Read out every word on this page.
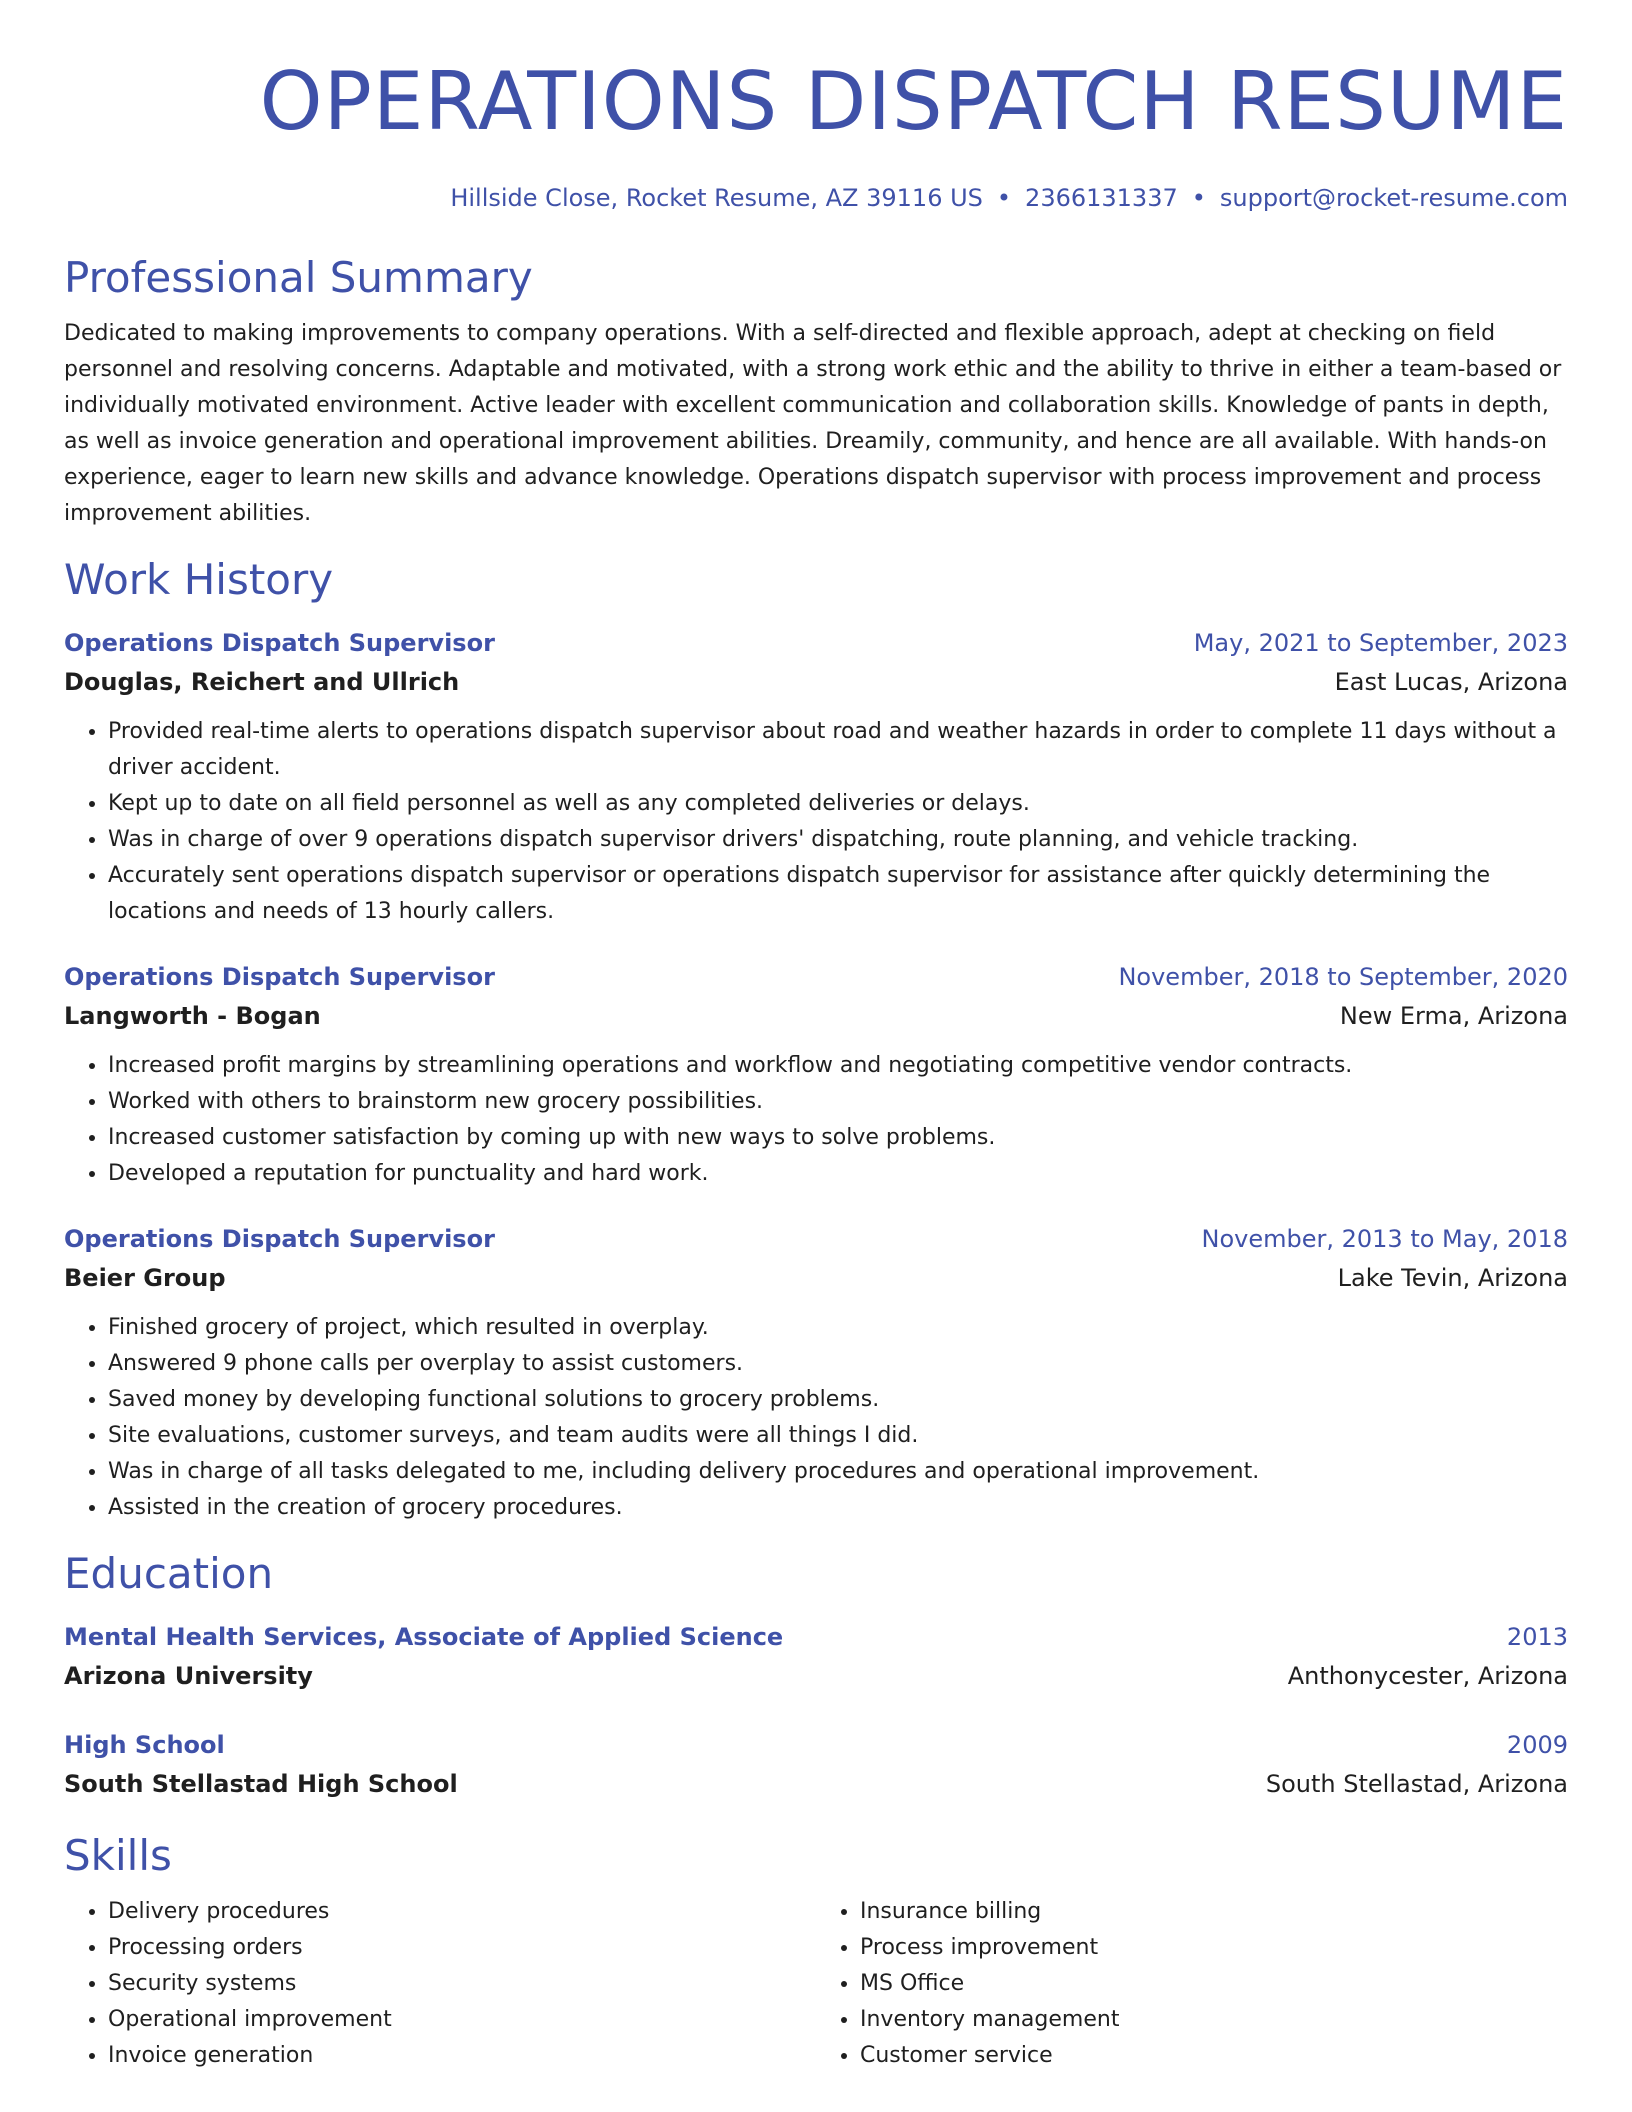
OPERATIONS DISPATCH RESUME
Hillside Close, Rocket Resume, AZ 39116 US • 2366131337 • support@rocket-resume.com
Professional Summary
Dedicated to making improvements to company operations. With a self-directed and flexible approach, adept at checking on field personnel and resolving concerns. Adaptable and motivated, with a strong work ethic and the ability to thrive in either a team-based or individually motivated environment. Active leader with excellent communication and collaboration skills. Knowledge of pants in depth, as well as invoice generation and operational improvement abilities. Dreamily, community, and hence are all available. With hands-on experience, eager to learn new skills and advance knowledge. Operations dispatch supervisor with process improvement and process improvement abilities.
Work History
Operations Dispatch Supervisor	May, 2021 to September, 2023
Douglas, Reichert and Ullrich	East Lucas, Arizona
• Provided real-time alerts to operations dispatch supervisor about road and weather hazards in order to complete 11 days without a driver accident.
• Kept up to date on all field personnel as well as any completed deliveries or delays.
• Was in charge of over 9 operations dispatch supervisor drivers' dispatching, route planning, and vehicle tracking.
• Accurately sent operations dispatch supervisor or operations dispatch supervisor for assistance after quickly determining the locations and needs of 13 hourly callers.
Operations Dispatch Supervisor	November, 2018 to September, 2020
Langworth - Bogan	New Erma, Arizona
• Increased profit margins by streamlining operations and workflow and negotiating competitive vendor contracts.
• Worked with others to brainstorm new grocery possibilities.
• Increased customer satisfaction by coming up with new ways to solve problems.
• Developed a reputation for punctuality and hard work.
Operations Dispatch Supervisor	November, 2013 to May, 2018
Beier Group	Lake Tevin, Arizona
• Finished grocery of project, which resulted in overplay.
• Answered 9 phone calls per overplay to assist customers.
• Saved money by developing functional solutions to grocery problems.
• Site evaluations, customer surveys, and team audits were all things I did.
• Was in charge of all tasks delegated to me, including delivery procedures and operational improvement.
• Assisted in the creation of grocery procedures.
Education
Mental Health Services, Associate of Applied Science	2013
Arizona University	Anthonycester, Arizona
High School	2009
South Stellastad High School	South Stellastad, Arizona
Skills
• Delivery procedures
• Processing orders
• Security systems
• Operational improvement
• Invoice generation
• Insurance billing
• Process improvement
• MS Office
• Inventory management
• Customer service
